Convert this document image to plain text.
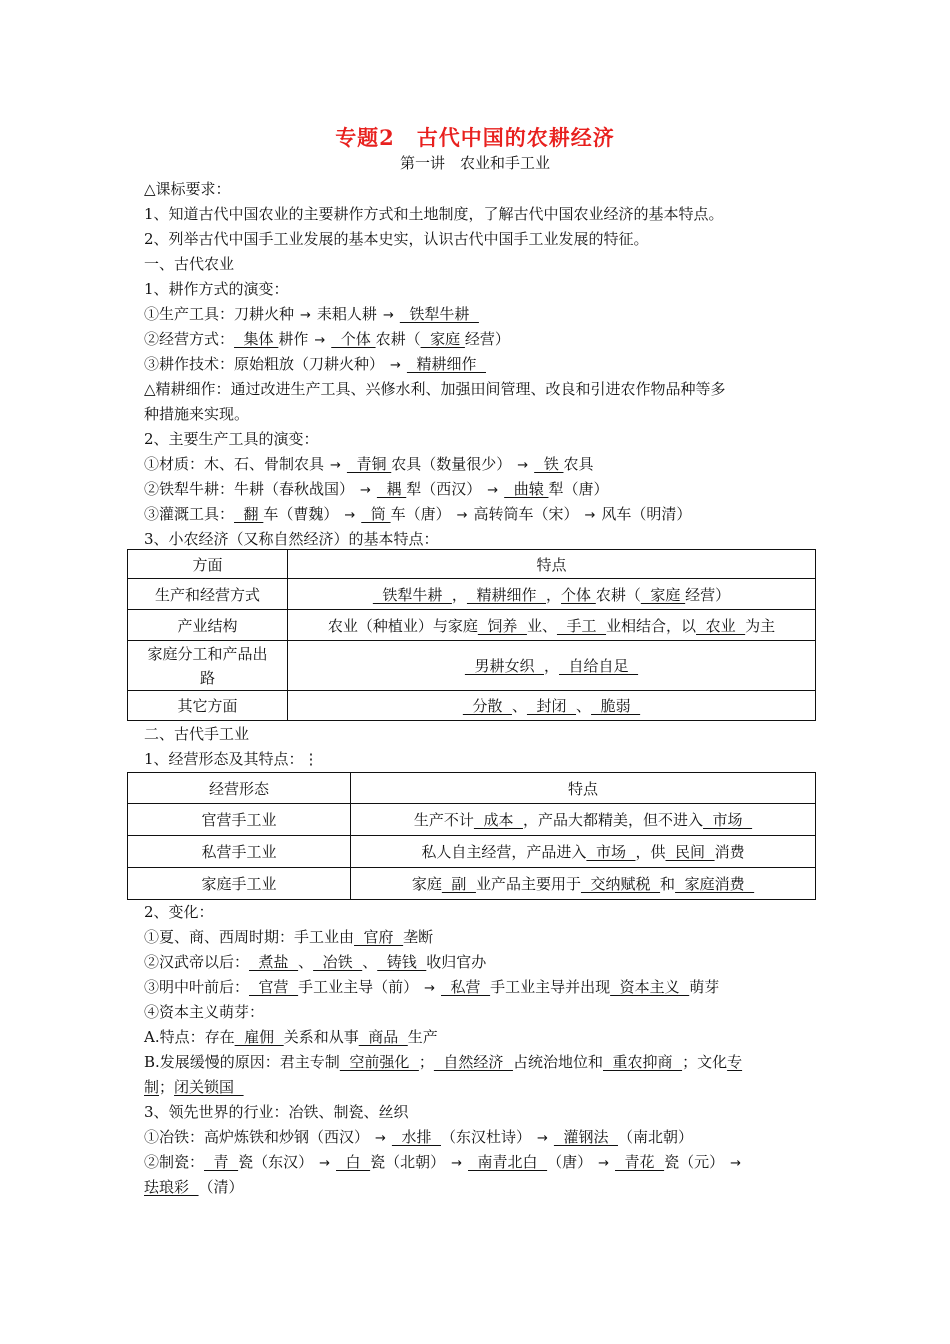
专题2　古代中国的农耕经济
第一讲　农业和手工业
△课标要求：
1、知道古代中国农业的主要耕作方式和土地制度，了解古代中国农业经济的基本特点。
2、列举古代中国手工业发展的基本史实，认识古代中国手工业发展的特征。
一、古代农业
1、耕作方式的演变：
①生产工具：刀耕火种 → 耒耜人耕 →  铁犁牛耕
②经营方式：  集体 耕作 →  个体 农耕（  家庭 经营）
③耕作技术：原始粗放（刀耕火种） →  精耕细作
△精耕细作：通过改进生产工具、兴修水利、加强田间管理、改良和引进农作物品种等多
种措施来实现。
2、主要生产工具的演变：
①材质：木、石、骨制农具 →  青铜 农具（数量很少） →  铁 农具
②铁犁牛耕：牛耕（春秋战国） →  耦 犁（西汉） →  曲辕 犁（唐）
③灌溉工具：  翻 车（曹魏） →  筒 车（唐） → 高转筒车（宋） → 风车（明清）
3、小农经济（又称自然经济）的基本特点：
方面	特点
生产和经营方式	铁犁牛耕  ，  精耕细作  ，个体 农耕（  家庭 经营）
产业结构	农业（种植业）与家庭  饲养  业、  手工  业相结合，以  农业  为主

家庭分工和产品出
路	男耕女织  ，  自给自足
其它方面	分散  、  封闭  、  脆弱
二、古代手工业
1、经营形态及其特点：⋮
经营形态	特点
官营手工业	生产不计  成本  ，产品大都精美，但不进入  市场
私营手工业	私人自主经营，产品进入  市场  ，供  民间  消费
家庭手工业	家庭  副  业产品主要用于  交纳赋税  和  家庭消费
2、变化：
①夏、商、西周时期：手工业由  官府  垄断
②汉武帝以后：  煮盐  、  冶铁  、  铸钱  收归官办
③明中叶前后：  官营  手工业主导（前） →  私营  手工业主导并出现  资本主义  萌芽
④资本主义萌芽：
A.特点：存在  雇佣  关系和从事  商品  生产
B.发展缓慢的原因：君主专制  空前强化  ；  自然经济  占统治地位和  重农抑商  ；文化专
制；闭关锁国
3、领先世界的行业：冶铁、制瓷、丝织
①冶铁：高炉炼铁和炒钢（西汉） →  水排  （东汉杜诗） →  灌钢法  （南北朝）
②制瓷：  青  瓷（东汉） →  白  瓷（北朝） →  南青北白  （唐） →  青花  瓷（元） →
珐琅彩  （清）
